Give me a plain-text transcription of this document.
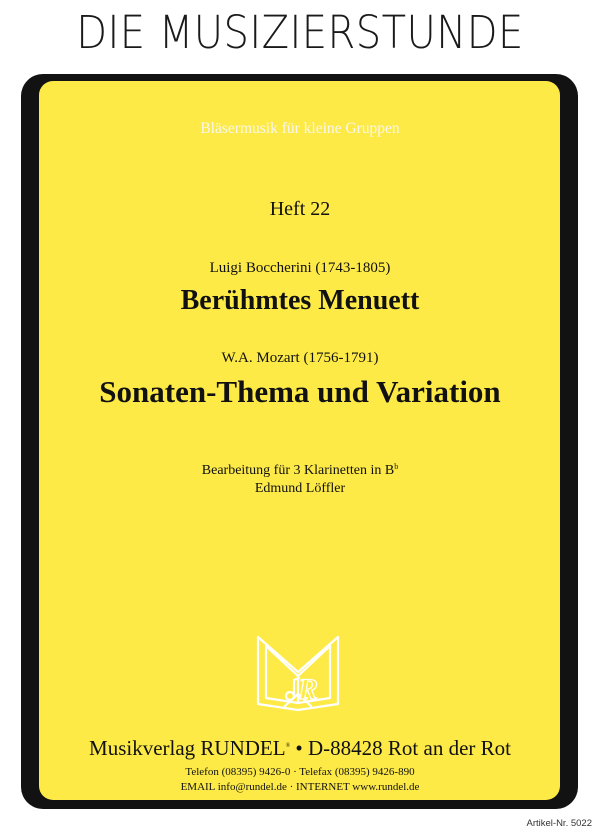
DIE MUSIZIERSTUNDE
Bläsermusik für kleine Gruppen
Heft 22
Luigi Boccherini (1743-1805)
Berühmtes Menuett
W.A. Mozart (1756-1791)
Sonaten-Thema und Variation
Bearbeitung für 3 Klarinetten in $B^b$
Edmund Löffler
R
Musikverlag RUNDEL® • D-88428 Rot an der Rot
Telefon (08395) 9426-0 · Telefax (08395) 9426-890
EMAIL info@rundel.de · INTERNET www.rundel.de
Artikel-Nr. 5022
